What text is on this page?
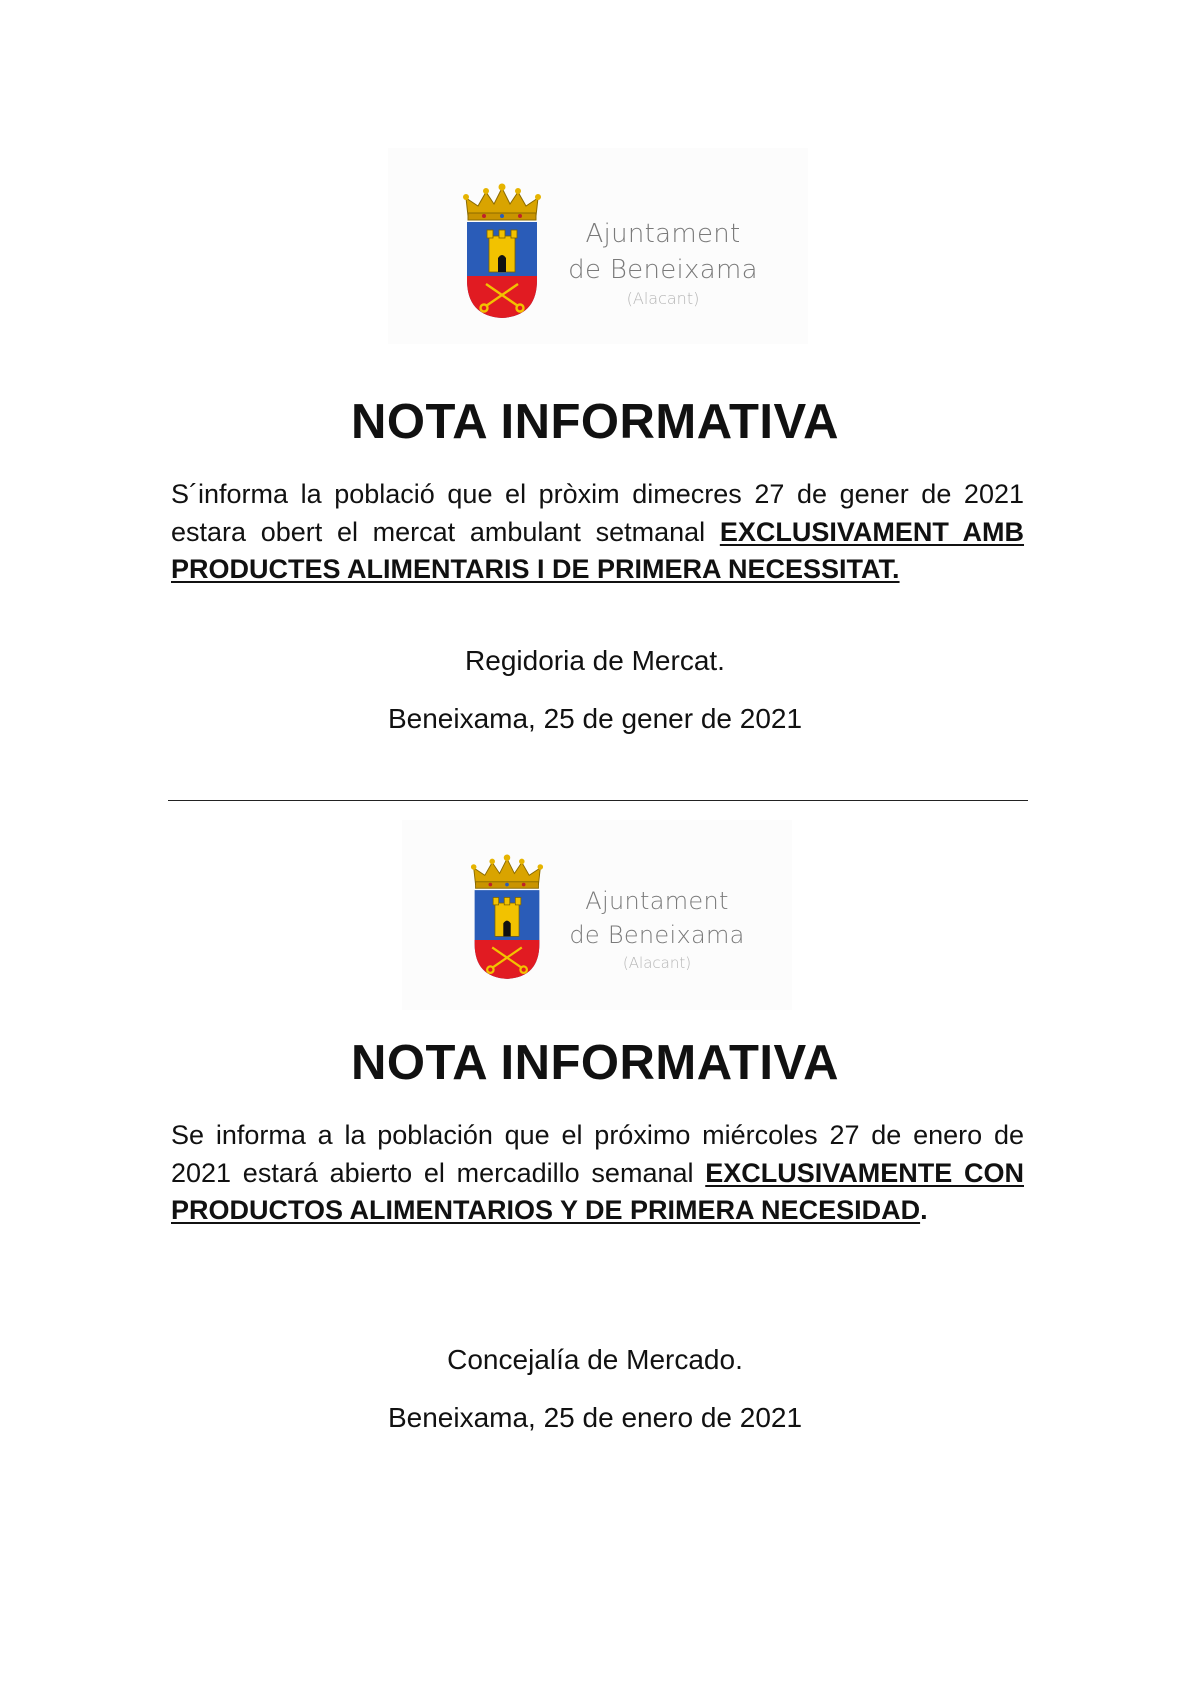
Ajuntament
de Beneixama
(Alacant)
NOTA INFORMATIVA

S´informa la població que el pròxim dimecres 27 de gener de 2021 estara obert el mercat ambulant setmanal EXCLUSIVAMENT AMB PRODUCTES ALIMENTARIS I DE PRIMERA NECESSITAT.

Regidoria de Mercat.

Beneixama, 25 de gener de 2021

Ajuntament
de Beneixama
(Alacant)
NOTA INFORMATIVA

Se informa a la población que el próximo miércoles 27 de enero de 2021 estará abierto el mercadillo semanal EXCLUSIVAMENTE CON PRODUCTOS ALIMENTARIOS Y DE PRIMERA NECESIDAD.

Concejalía de Mercado.

Beneixama, 25 de enero de 2021
